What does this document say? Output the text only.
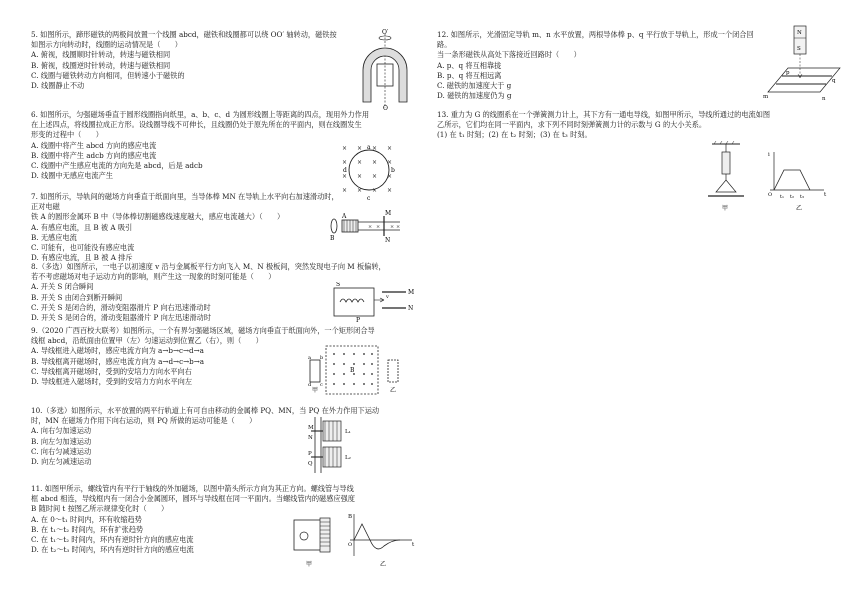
5. 如图所示，蹄形磁铁的两极间放置一个线圈 abcd，磁铁和线圈都可以绕 OO′ 轴转动，磁铁按
如图示方向转动时，线圈的运动情况是（　　）
A. 俯视，线圈顺时针转动，转速与磁铁相同
B. 俯视，线圈逆时针转动，转速与磁铁相同
C. 线圈与磁铁转动方向相同，但转速小于磁铁的
D. 线圈静止不动
O′
O
6. 如图所示，匀强磁场垂直于圆形线圈指向纸里，a、b、c、d 为圆形线圈上等距离的四点，现用外力作用
在上述四点，将线圈拉成正方形。设线圈导线不可伸长，且线圈仍处于原先所在的平面内，则在线圈发生
形变的过程中（　　）
A. 线圈中将产生 abcd 方向的感应电流
B. 线圈中将产生 adcb 方向的感应电流
C. 线圈中产生感应电流的方向先是 abcd，后是 adcb
D. 线圈中无感应电流产生
× × × ×
×	×
×	×
× × × ×
× ×
× ×
a
b
c
d
7. 如图所示，导轨间的磁场方向垂直于纸面向里，当导体棒 MN 在导轨上水平向右加速滑动时，正对电磁
铁 A 的圆形金属环 B 中（导体棒切割磁感线速度越大，感应电流越大）（　　）
A. 有感应电流，且 B 被 A 吸引
B. 无感应电流
C. 可能有，也可能没有感应电流
D. 有感应电流，且 B 被 A 排斥
× × × ×
A
B
M
N
8.（多选）如图所示，一电子以初速度 v 沿与金属板平行方向飞入 M、N 极板间，突然发现电子向 M 板偏转，
若不考虑磁场对电子运动方向的影响，则产生这一现象的时刻可能是（　　）
A. 开关 S 闭合瞬间
B. 开关 S 由闭合到断开瞬间
C. 开关 S 是闭合的，滑动变阻器滑片 P 向右迅速滑动时
D. 开关 S 是闭合的，滑动变阻器滑片 P 向左迅速滑动时
S
P
M
N
v
9.（2020 广西百校大联考）如图所示，一个有界匀强磁场区域，磁场方向垂直于纸面向外，一个矩形闭合导
线框 abcd，沿纸面由位置甲（左）匀速运动到位置乙（右），则（　　）
A. 导线框进入磁场时，感应电流方向为 a→b→c→d→a
B. 导线框离开磁场时，感应电流方向为 a→d→c→b→a
C. 导线框离开磁场时，受到的安培力方向水平向右
D. 导线框进入磁场时，受到的安培力方向水平向左
B
甲	乙
a b
c
d
10.（多选）如图所示，水平放置的两平行轨道上有可自由移动的金属棒 PQ、MN，当 PQ 在外力作用下运动
时，MN 在磁场力作用下向右运动，则 PQ 所做的运动可能是（　　）
A. 向右匀加速运动
B. 向左匀加速运动
C. 向右匀减速运动
D. 向左匀减速运动
M
N
P
Q
L₁
L₂
11. 如图甲所示，螺线管内有平行于轴线的外加磁场，以图中箭头所示方向为其正方向。螺线管与导线
框 abcd 相连，导线框内有一闭合小金属圆环，圆环与导线框在同一平面内。当螺线管内的磁感应强度
B 随时间 t 按图乙所示规律变化时（　　）
A. 在 0～t₁ 时间内，环有收缩趋势
B. 在 t₁～t₂ 时间内，环有扩张趋势
C. 在 t₁～t₂ 时间内，环内有逆时针方向的感应电流
D. 在 t₂～t₃ 时间内，环内有逆时针方向的感应电流
甲
B
t
O
乙
12. 如图所示，光滑固定导轨 m、n 水平放置，两根导体棒 p、q 平行放于导轨上，形成一个闭合回路。
当一条形磁铁从高处下落接近回路时（　　）
A. p、q 将互相靠拢
B. p、q 将互相远离
C. 磁铁的加速度大于 g
D. 磁铁的加速度仍为 g
N
S
m	n
p
q
13. 重力为 G 的线圈系在一个弹簧测力计上，其下方有一通电导线，如图甲所示，导线所通过的电流如图
乙所示，它们均在同一平面内，求下列不同时刻弹簧测力计的示数与 G 的大小关系。
(1) 在 t₁ 时刻；(2) 在 t₂ 时刻；(3) 在 t₃ 时刻。
甲
i
t
O t₁ t₂ t₃
乙
